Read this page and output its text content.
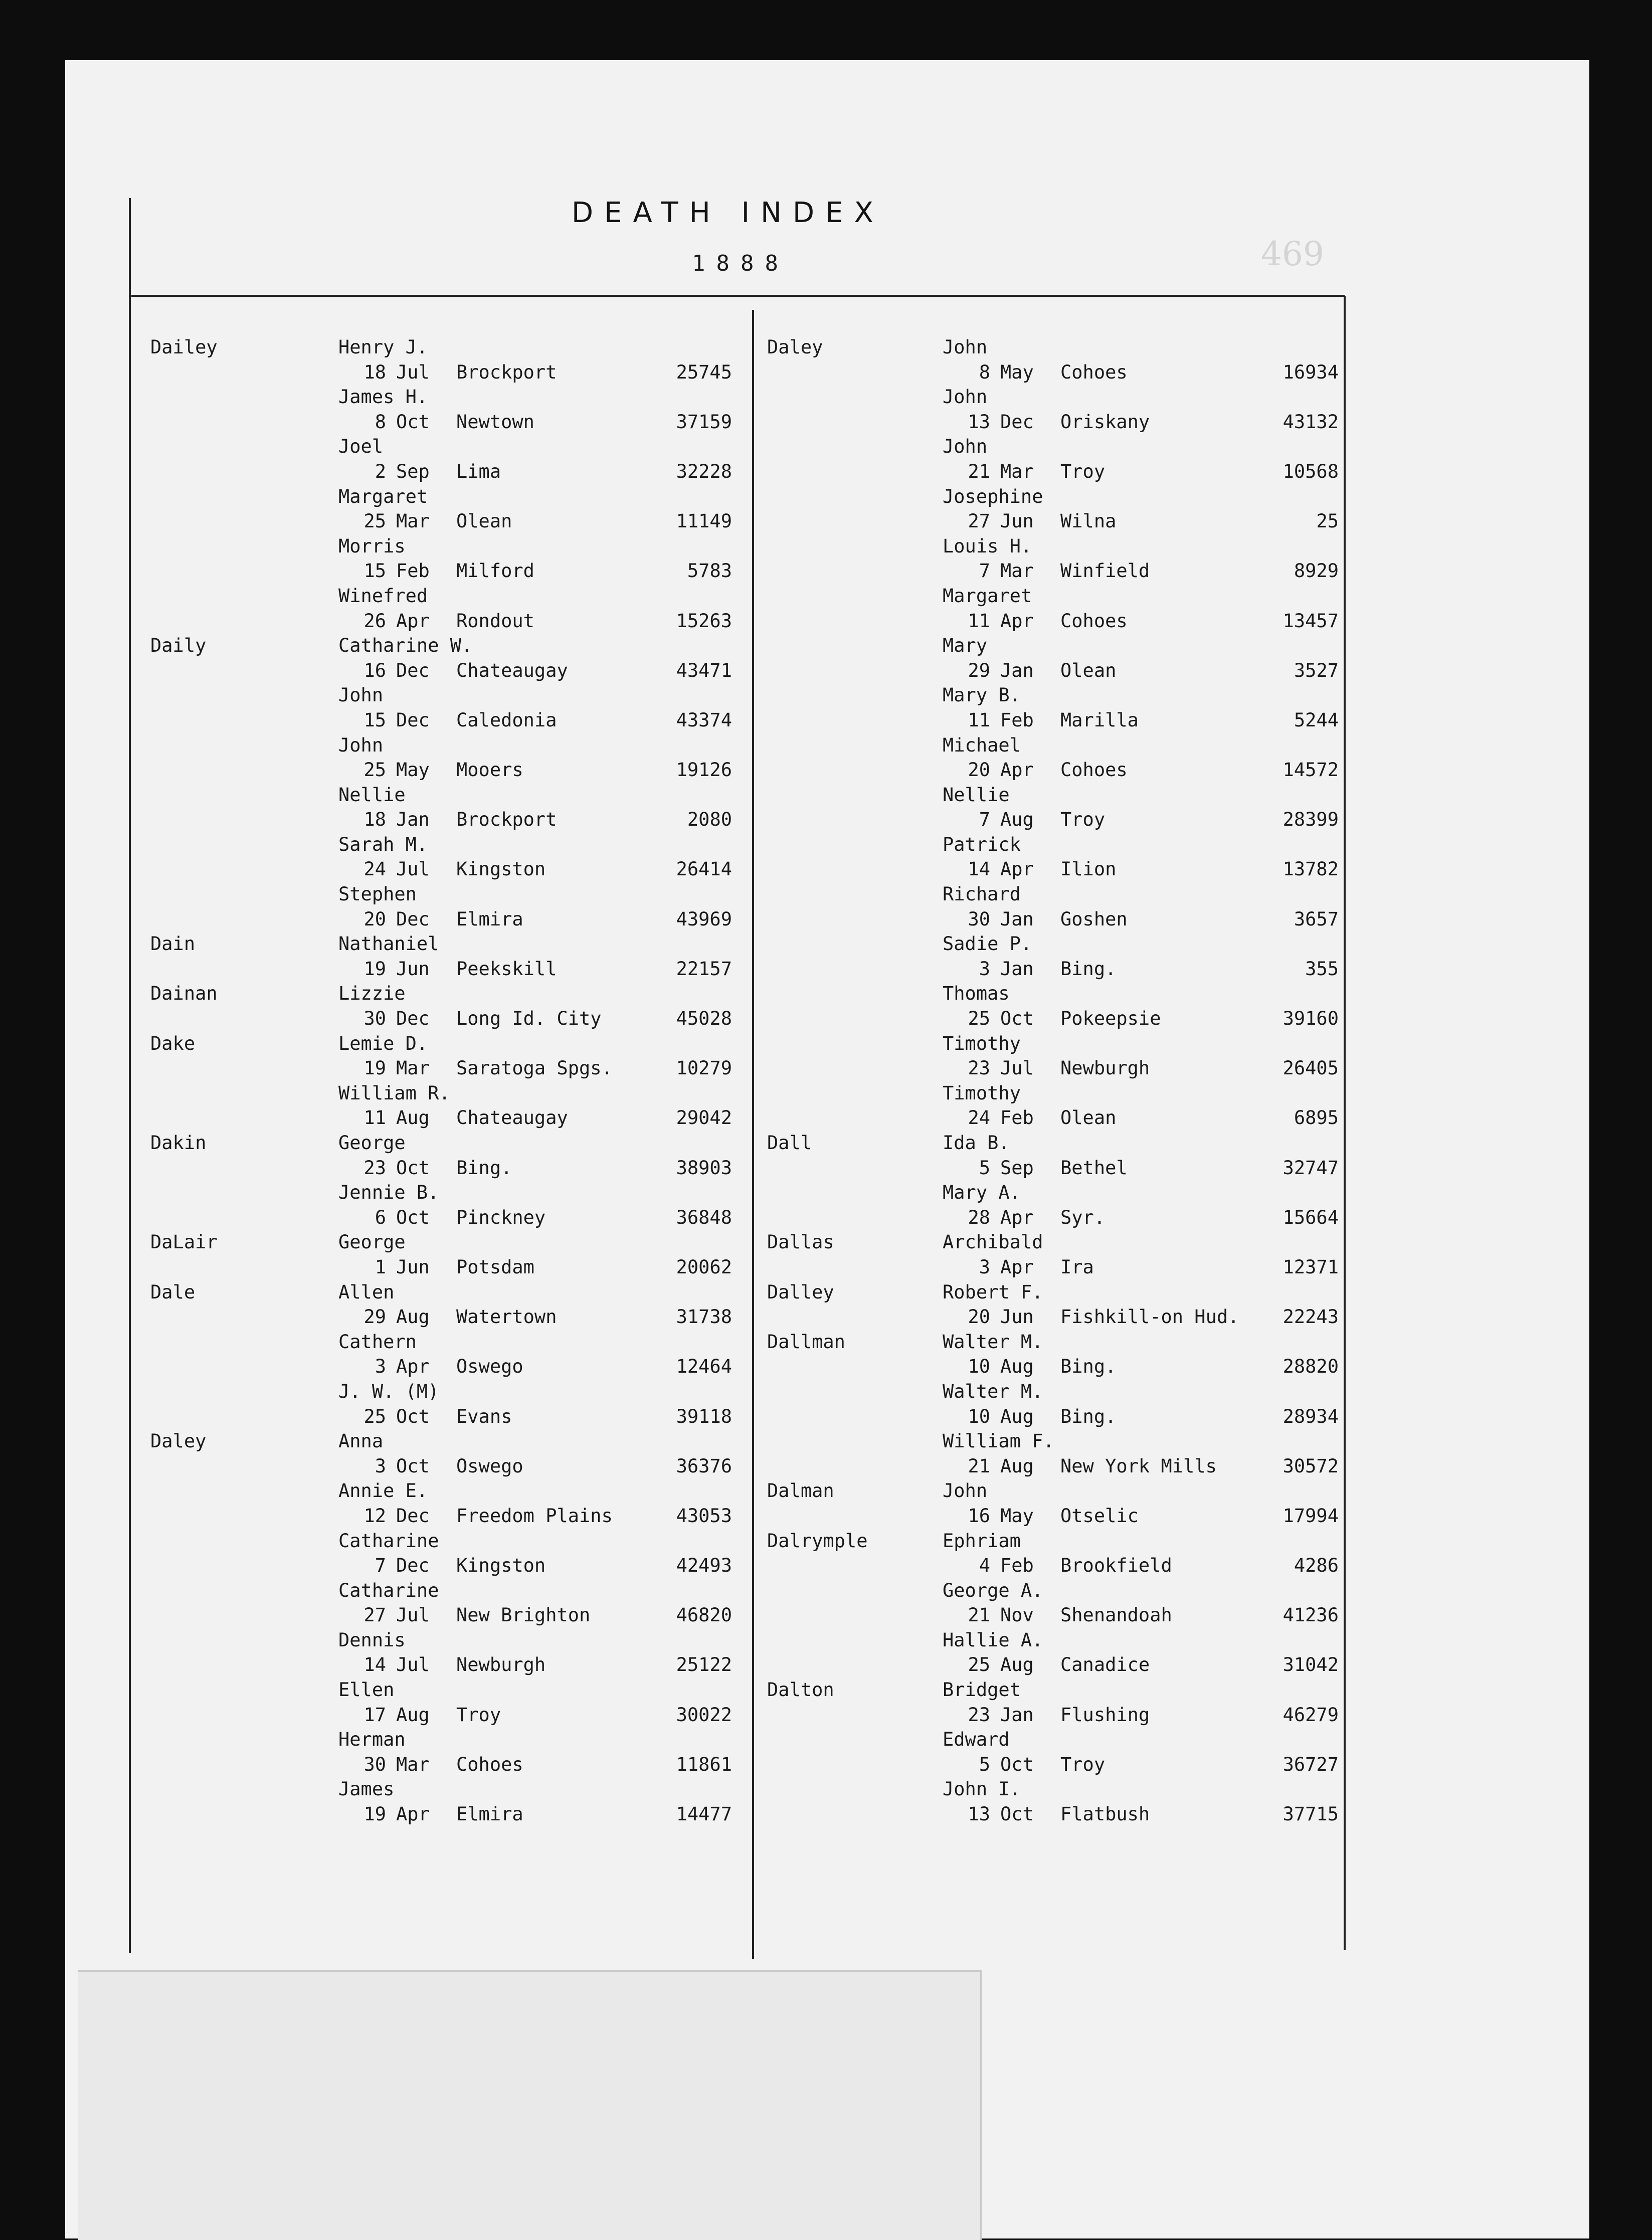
DEATH INDEX
1888	469
Dailey	Henry J.
18 Jul Brockport	25745
James H.
8 Oct Newtown	37159
Joel
2 Sep Lima	32228
Margaret
25 Mar Olean	11149
Morris
15 Feb Milford	5783
Winefred
26 Apr Rondout	15263
Daily	Catharine W.
16 Dec Chateaugay	43471
John
15 Dec Caledonia	43374
John
25 May Mooers	19126
Nellie
18 Jan Brockport	2080
Sarah M.
24 Jul Kingston	26414
Stephen
20 Dec Elmira	43969
Dain	Nathaniel
19 Jun Peekskill	22157
Dainan	Lizzie
30 Dec Long Id. City	45028
Dake	Lemie D.
19 Mar Saratoga Spgs.	10279
William R.
11 Aug Chateaugay	29042
Dakin	George
23 Oct Bing.	38903
Jennie B.
6 Oct Pinckney	36848
DaLair	George
1 Jun Potsdam	20062
Dale	Allen
29 Aug Watertown	31738
Cathern
3 Apr Oswego	12464
J. W. (M)
25 Oct Evans	39118
Daley	Anna
3 Oct Oswego	36376
Annie E.
12 Dec Freedom Plains	43053
Catharine
7 Dec Kingston	42493
Catharine
27 Jul New Brighton	46820
Dennis
14 Jul Newburgh	25122
Ellen
17 Aug Troy	30022
Herman
30 Mar Cohoes	11861
James
19 Apr Elmira	14477
Daley	John
8 May Cohoes	16934
John
13 Dec Oriskany	43132
John
21 Mar Troy	10568
Josephine
27 Jun Wilna	25
Louis H.
7 Mar Winfield	8929
Margaret
11 Apr Cohoes	13457
Mary
29 Jan Olean	3527
Mary B.
11 Feb Marilla	5244
Michael
20 Apr Cohoes	14572
Nellie
7 Aug Troy	28399
Patrick
14 Apr Ilion	13782
Richard
30 Jan Goshen	3657
Sadie P.
3 Jan Bing.	355
Thomas
25 Oct Pokeepsie	39160
Timothy
23 Jul Newburgh	26405
Timothy
24 Feb Olean	6895
Dall	Ida B.
5 Sep Bethel	32747
Mary A.
28 Apr Syr.	15664
Dallas	Archibald
3 Apr Ira	12371
Dalley	Robert F.
20 Jun Fishkill-on Hud.	22243
Dallman	Walter M.
10 Aug Bing.	28820
Walter M.
10 Aug Bing.	28934
William F.
21 Aug New York Mills	30572
Dalman	John
16 May Otselic	17994
Dalrymple	Ephriam
4 Feb Brookfield	4286
George A.
21 Nov Shenandoah	41236
Hallie A.
25 Aug Canadice	31042
Dalton	Bridget
23 Jan Flushing	46279
Edward
5 Oct Troy	36727
John I.
13 Oct Flatbush	37715
